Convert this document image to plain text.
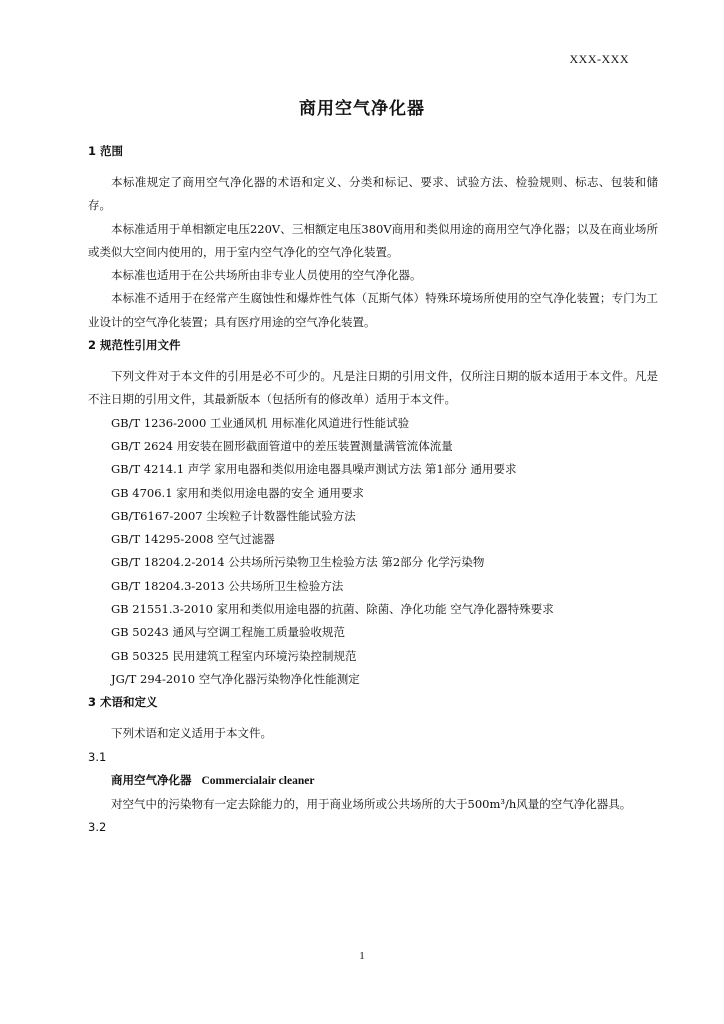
XXX-XXX
商用空气净化器
1 范围

本标准规定了商用空气净化器的术语和定义、分类和标记、要求、试验方法、检验规则、标志、包装和储存。

本标准适用于单相额定电压220V、三相额定电压380V商用和类似用途的商用空气净化器；以及在商业场所或类似大空间内使用的，用于室内空气净化的空气净化装置。

本标准也适用于在公共场所由非专业人员使用的空气净化器。

本标准不适用于在经常产生腐蚀性和爆炸性气体（瓦斯气体）特殊环境场所使用的空气净化装置；专门为工业设计的空气净化装置；具有医疗用途的空气净化装置。

2 规范性引用文件

下列文件对于本文件的引用是必不可少的。凡是注日期的引用文件，仅所注日期的版本适用于本文件。凡是不注日期的引用文件，其最新版本（包括所有的修改单）适用于本文件。

GB/T 1236-2000 工业通风机 用标准化风道进行性能试验

GB/T 2624 用安装在圆形截面管道中的差压装置测量满管流体流量

GB/T 4214.1 声学 家用电器和类似用途电器具噪声测试方法 第1部分 通用要求

GB 4706.1 家用和类似用途电器的安全 通用要求

GB/T6167-2007 尘埃粒子计数器性能试验方法

GB/T 14295-2008 空气过滤器

GB/T 18204.2-2014 公共场所污染物卫生检验方法 第2部分 化学污染物

GB/T 18204.3-2013 公共场所卫生检验方法

GB 21551.3-2010 家用和类似用途电器的抗菌、除菌、净化功能 空气净化器特殊要求

GB 50243 通风与空调工程施工质量验收规范

GB 50325 民用建筑工程室内环境污染控制规范

JG/T 294-2010 空气净化器污染物净化性能测定

3 术语和定义

下列术语和定义适用于本文件。

3.1

商用空气净化器 Commercialair cleaner

对空气中的污染物有一定去除能力的，用于商业场所或公共场所的大于500m³/h风量的空气净化器具。

3.2

1
